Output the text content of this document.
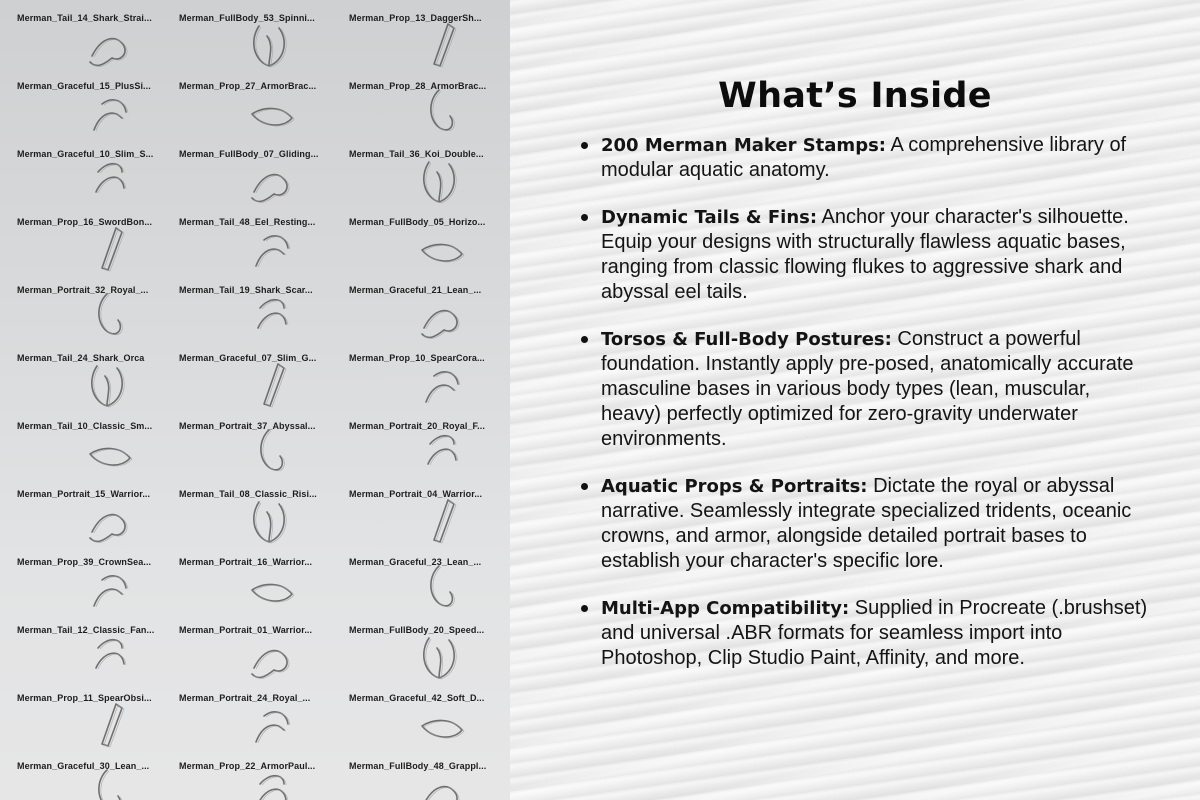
Merman_Tail_14_Shark_Strai...	Merman_FullBody_53_Spinni...	Merman_Prop_13_DaggerSh...
Merman_Graceful_15_PlusSi...	Merman_Prop_27_ArmorBrac...	Merman_Prop_28_ArmorBrac...
Merman_Graceful_10_Slim_S...	Merman_FullBody_07_Gliding...	Merman_Tail_36_Koi_Double...
Merman_Prop_16_SwordBon...	Merman_Tail_48_Eel_Resting...	Merman_FullBody_05_Horizo...
Merman_Portrait_32_Royal_...	Merman_Tail_19_Shark_Scar...	Merman_Graceful_21_Lean_...
Merman_Tail_24_Shark_Orca	Merman_Graceful_07_Slim_G...	Merman_Prop_10_SpearCora...
Merman_Tail_10_Classic_Sm...	Merman_Portrait_37_Abyssal...	Merman_Portrait_20_Royal_F...
Merman_Portrait_15_Warrior...	Merman_Tail_08_Classic_Risi...	Merman_Portrait_04_Warrior...
Merman_Prop_39_CrownSea...	Merman_Portrait_16_Warrior...	Merman_Graceful_23_Lean_...
Merman_Tail_12_Classic_Fan...	Merman_Portrait_01_Warrior...	Merman_FullBody_20_Speed...
Merman_Prop_11_SpearObsi...	Merman_Portrait_24_Royal_...	Merman_Graceful_42_Soft_D...
Merman_Graceful_30_Lean_...	Merman_Prop_22_ArmorPaul...	Merman_FullBody_48_Grappl...
What’s Inside
200 Merman Maker Stamps: A comprehensive library of modular aquatic anatomy.
Dynamic Tails & Fins: Anchor your character's silhouette. Equip your designs with structurally flawless aquatic bases, ranging from classic flowing flukes to aggressive shark and abyssal eel tails.
Torsos & Full-Body Postures: Construct a powerful foundation. Instantly apply pre-posed, anatomically accurate masculine bases in various body types (lean, muscular, heavy) perfectly optimized for zero-gravity underwater environments.
Aquatic Props & Portraits: Dictate the royal or abyssal narrative. Seamlessly integrate specialized tridents, oceanic crowns, and armor, alongside detailed portrait bases to establish your character's specific lore.
Multi-App Compatibility: Supplied in Procreate (.brushset) and universal .ABR formats for seamless import into Photoshop, Clip Studio Paint, Affinity, and more.
